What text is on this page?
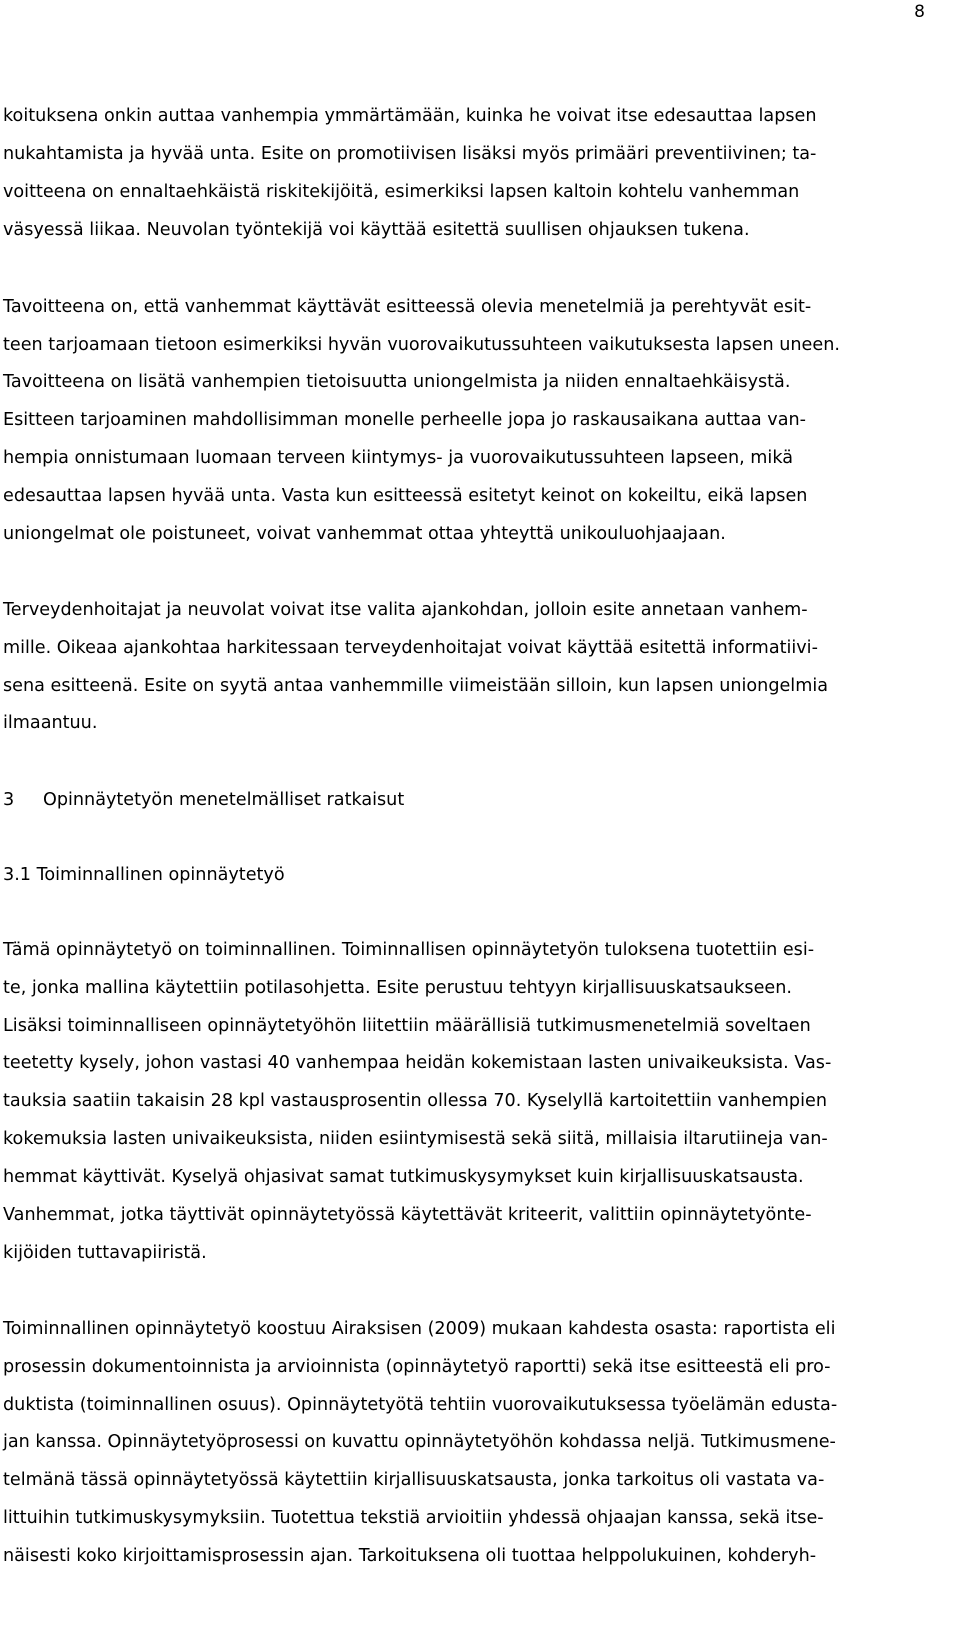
8

koituksena onkin auttaa vanhempia ymmärtämään, kuinka he voivat itse edesauttaa lapsen

nukahtamista ja hyvää unta. Esite on promotiivisen lisäksi myös primääri preventiivinen; ta-

voitteena on ennaltaehkäistä riskitekijöitä, esimerkiksi lapsen kaltoin kohtelu vanhemman

väsyessä liikaa. Neuvolan työntekijä voi käyttää esitettä suullisen ohjauksen tukena.

Tavoitteena on, että vanhemmat käyttävät esitteessä olevia menetelmiä ja perehtyvät esit-

teen tarjoamaan tietoon esimerkiksi hyvän vuorovaikutussuhteen vaikutuksesta lapsen uneen.

Tavoitteena on lisätä vanhempien tietoisuutta uniongelmista ja niiden ennaltaehkäisystä.

Esitteen tarjoaminen mahdollisimman monelle perheelle jopa jo raskausaikana auttaa van-

hempia onnistumaan luomaan terveen kiintymys- ja vuorovaikutussuhteen lapseen, mikä

edesauttaa lapsen hyvää unta. Vasta kun esitteessä esitetyt keinot on kokeiltu, eikä lapsen

uniongelmat ole poistuneet, voivat vanhemmat ottaa yhteyttä unikouluohjaajaan.

Terveydenhoitajat ja neuvolat voivat itse valita ajankohdan, jolloin esite annetaan vanhem-

mille. Oikeaa ajankohtaa harkitessaan terveydenhoitajat voivat käyttää esitettä informatiivi-

sena esitteenä. Esite on syytä antaa vanhemmille viimeistään silloin, kun lapsen uniongelmia

ilmaantuu.

3 Opinnäytetyön menetelmälliset ratkaisut
3.1 Toiminnallinen opinnäytetyö

Tämä opinnäytetyö on toiminnallinen. Toiminnallisen opinnäytetyön tuloksena tuotettiin esi-

te, jonka mallina käytettiin potilasohjetta. Esite perustuu tehtyyn kirjallisuuskatsaukseen.

Lisäksi toiminnalliseen opinnäytetyöhön liitettiin määrällisiä tutkimusmenetelmiä soveltaen

teetetty kysely, johon vastasi 40 vanhempaa heidän kokemistaan lasten univaikeuksista. Vas-

tauksia saatiin takaisin 28 kpl vastausprosentin ollessa 70. Kyselyllä kartoitettiin vanhempien

kokemuksia lasten univaikeuksista, niiden esiintymisestä sekä siitä, millaisia iltarutiineja van-

hemmat käyttivät. Kyselyä ohjasivat samat tutkimuskysymykset kuin kirjallisuuskatsausta.

Vanhemmat, jotka täyttivät opinnäytetyössä käytettävät kriteerit, valittiin opinnäytetyönte-

kijöiden tuttavapiiristä.

Toiminnallinen opinnäytetyö koostuu Airaksisen (2009) mukaan kahdesta osasta: raportista eli

prosessin dokumentoinnista ja arvioinnista (opinnäytetyö raportti) sekä itse esitteestä eli pro-

duktista (toiminnallinen osuus). Opinnäytetyötä tehtiin vuorovaikutuksessa työelämän edusta-

jan kanssa. Opinnäytetyöprosessi on kuvattu opinnäytetyöhön kohdassa neljä. Tutkimusmene-

telmänä tässä opinnäytetyössä käytettiin kirjallisuuskatsausta, jonka tarkoitus oli vastata va-

littuihin tutkimuskysymyksiin. Tuotettua tekstiä arvioitiin yhdessä ohjaajan kanssa, sekä itse-

näisesti koko kirjoittamisprosessin ajan. Tarkoituksena oli tuottaa helppolukuinen, kohderyh-
